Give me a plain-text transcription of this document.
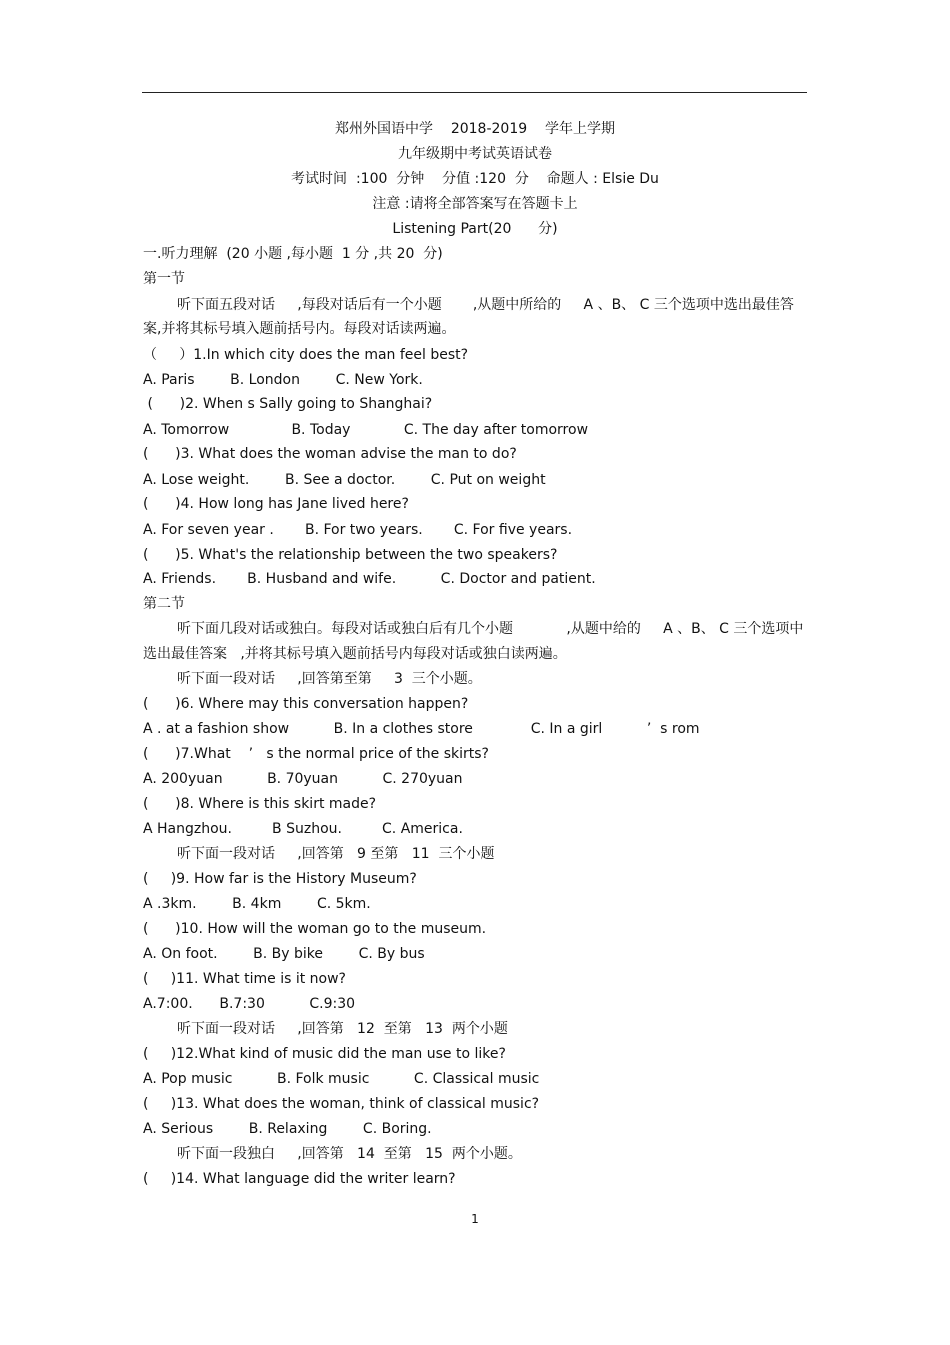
郑州外国语中学    2018-2019    学年上学期
九年级期中考试英语试卷
考试时间  :100  分钟    分值 :120  分    命题人 : Elsie Du
注意 :请将全部答案写在答题卡上
Listening Part(20      分)
一.听力理解  (20 小题 ,每小题  1 分 ,共 20  分)
第一节
听下面五段对话     ,每段对话后有一个小题       ,从题中所给的     A 、B、 C 三个选项中选出最佳答
案,并将其标号填入题前括号内。每段对话读两遍。
（     ）1.In which city does the man feel best?
A. Paris        B. London        C. New York.
(      )2. When s Sally going to Shanghai?
A. Tomorrow              B. Today            C. The day after tomorrow
(      )3. What does the woman advise the man to do?
A. Lose weight.        B. See a doctor.        C. Put on weight
(      )4. How long has Jane lived here?
A. For seven year .       B. For two years.       C. For five years.
(      )5. What's the relationship between the two speakers?
A. Friends.       B. Husband and wife.          C. Doctor and patient.
第二节
听下面几段对话或独白。每段对话或独白后有几个小题            ,从题中给的     A 、B、 C 三个选项中
选出最佳答案   ,并将其标号填入题前括号内每段对话或独白读两遍。
听下面一段对话     ,回答第至第     3  三个小题。
(      )6. Where may this conversation happen?
A . at a fashion show          B. In a clothes store             C. In a girl          ’  s rom
(      )7.What    ’   s the normal price of the skirts?
A. 200yuan          B. 70yuan          C. 270yuan
(      )8. Where is this skirt made?
A Hangzhou.         B Suzhou.         C. America.
听下面一段对话     ,回答第   9 至第   11  三个小题
(     )9. How far is the History Museum?
A .3km.        B. 4km        C. 5km.
(      )10. How will the woman go to the museum.
A. On foot.        B. By bike        C. By bus
(     )11. What time is it now?
A.7:00.      B.7:30          C.9:30
听下面一段对话     ,回答第   12  至第   13  两个小题
(     )12.What kind of music did the man use to like?
A. Pop music          B. Folk music          C. Classical music
(     )13. What does the woman, think of classical music?
A. Serious        B. Relaxing        C. Boring.
听下面一段独白     ,回答第   14  至第   15  两个小题。
(     )14. What language did the writer learn?
1
